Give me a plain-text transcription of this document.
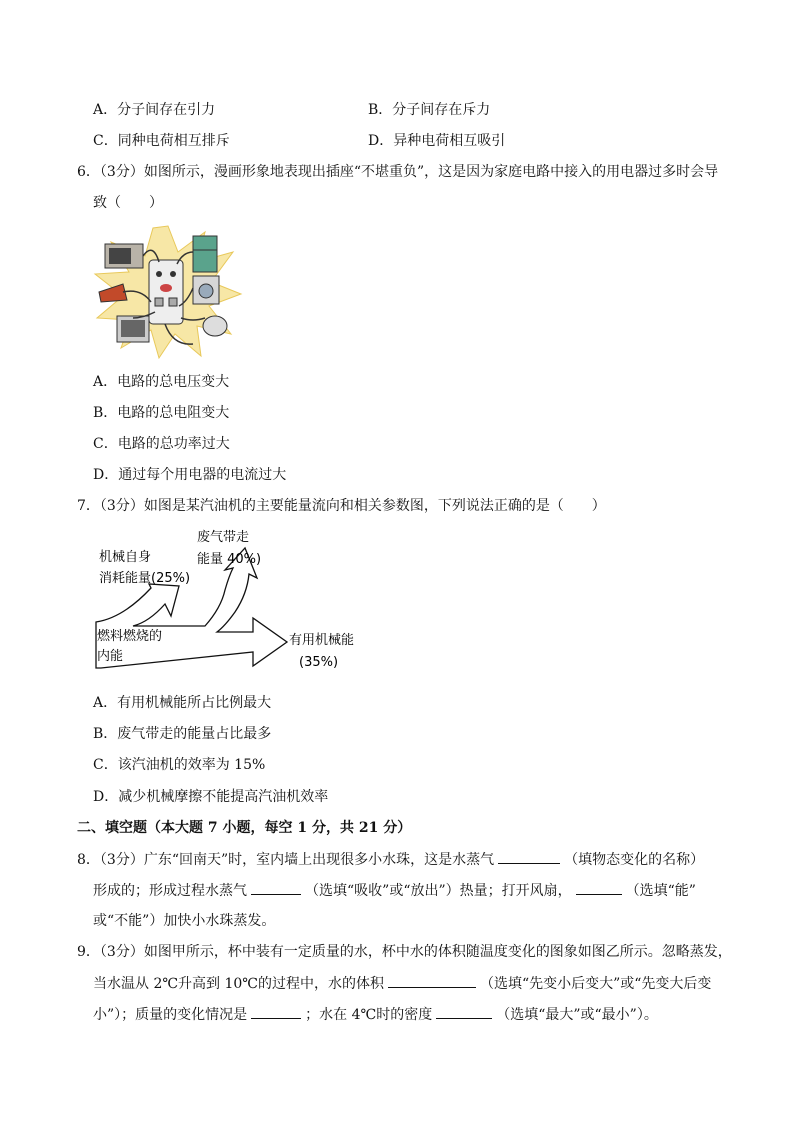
A．分子间存在引力	B．分子间存在斥力
C．同种电荷相互排斥	D．异种电荷相互吸引
6．（3分）如图所示，漫画形象地表现出插座“不堪重负”，这是因为家庭电路中接入的用电器过多时会导
致（　　）
A．电路的总电压变大
B．电路的总电阻变大
C．电路的总功率过大
D．通过每个用电器的电流过大
7．（3分）如图是某汽油机的主要能量流向和相关参数图，下列说法正确的是（　　）
机械自身
消耗能量(25%)
废气带走
能量 40%)
燃料燃烧的
内能
有用机械能
(35%)
A．有用机械能所占比例最大
B．废气带走的能量占比最多
C．该汽油机的效率为 15%
D．减少机械摩擦不能提高汽油机效率
二、填空题（本大题 7 小题，每空 1 分，共 21 分）
8．（3分）广东“回南天”时，室内墙上出现很多小水珠，这是水蒸气	（填物态变化的名称）
形成的；形成过程水蒸气	（选填“吸收”或“放出”）热量；打开风扇，	（选填“能”
或“不能”）加快小水珠蒸发。
9．（3分）如图甲所示，杯中装有一定质量的水，杯中水的体积随温度变化的图象如图乙所示。忽略蒸发，
当水温从 2℃升高到 10℃的过程中，水的体积	（选填“先变小后变大”或“先变大后变
小”）；质量的变化情况是	；水在 4℃时的密度	（选填“最大”或“最小”）。
